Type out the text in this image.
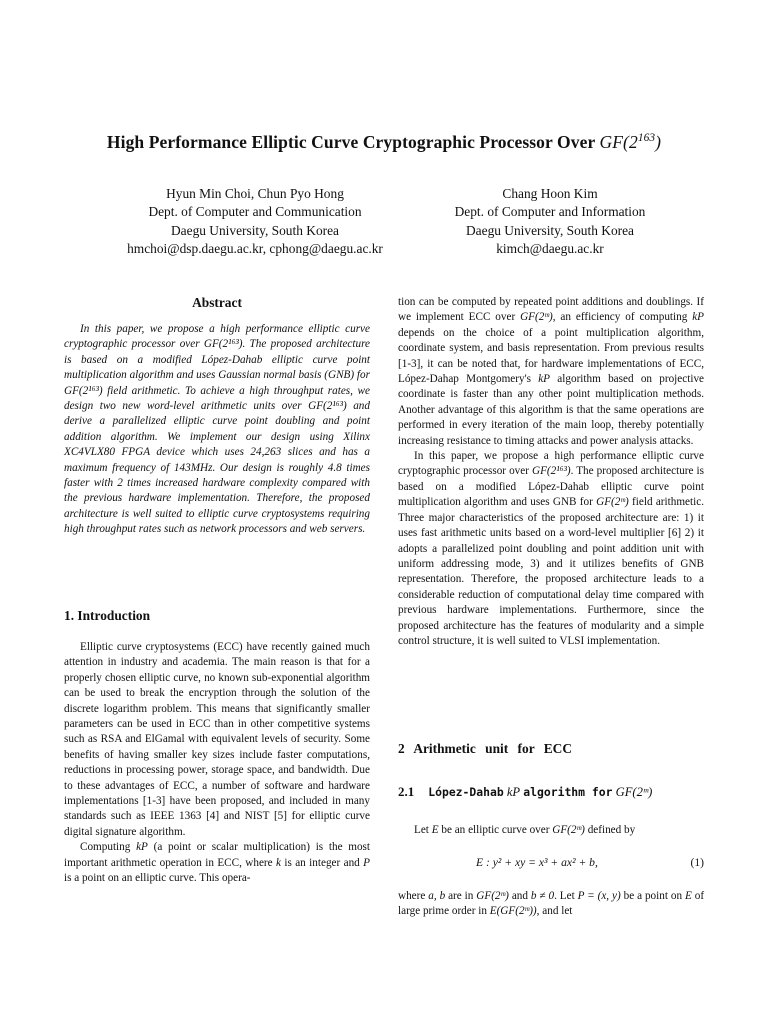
High Performance Elliptic Curve Cryptographic Processor Over $GF(2^{163})$
Hyun Min Choi, Chun Pyo Hong
Dept. of Computer and Communication
Daegu University, South Korea
hmchoi@dsp.daegu.ac.kr, cphong@daegu.ac.kr
Chang Hoon Kim
Dept. of Computer and Information
Daegu University, South Korea
kimch@daegu.ac.kr
Abstract
In this paper, we propose a high performance elliptic curve cryptographic processor over GF(2¹⁶³). The proposed architecture is based on a modified López-Dahab elliptic curve point multiplication algorithm and uses Gaussian normal basis (GNB) for GF(2¹⁶³) field arithmetic. To achieve a high throughput rates, we design two new word-level arithmetic units over GF(2¹⁶³) and derive a parallelized elliptic curve point doubling and point addition algorithm. We implement our design using Xilinx XC4VLX80 FPGA device which uses 24,263 slices and has a maximum frequency of 143MHz. Our design is roughly 4.8 times faster with 2 times increased hardware complexity compared with the previous hardware implementation. Therefore, the proposed architecture is well suited to elliptic curve cryptosystems requiring high throughput rates such as network processors and web servers.
1. Introduction

Elliptic curve cryptosystems (ECC) have recently gained much attention in industry and academia. The main reason is that for a properly chosen elliptic curve, no known sub-exponential algorithm can be used to break the encryption through the solution of the discrete logarithm problem. This means that significantly smaller parameters can be used in ECC than in other competitive systems such as RSA and ElGamal with equivalent levels of security. Some benefits of having smaller key sizes include faster computations, reductions in processing power, storage space, and bandwidth. Due to these advantages of ECC, a number of software and hardware implementations [1-3] have been proposed, and included in many standards such as IEEE 1363 [4] and NIST [5] for elliptic curve digital signature algorithm.

Computing kP (a point or scalar multiplication) is the most important arithmetic operation in ECC, where k is an integer and P is a point on an elliptic curve. This opera-

tion can be computed by repeated point additions and doublings. If we implement ECC over GF(2ᵐ), an efficiency of computing kP depends on the choice of a point multiplication algorithm, coordinate system, and basis representation. From previous results [1-3], it can be noted that, for hardware implementations of ECC, López-Dahap Montgomery's kP algorithm based on projective coordinate is faster than any other point multiplication methods. Another advantage of this algorithm is that the same operations are performed in every iteration of the main loop, thereby potentially increasing resistance to timing attacks and power analysis attacks.

In this paper, we propose a high performance elliptic curve cryptographic processor over GF(2¹⁶³). The proposed architecture is based on a modified López-Dahab elliptic curve point multiplication algorithm and uses GNB for GF(2ᵐ) field arithmetic. Three major characteristics of the proposed architecture are: 1) it uses fast arithmetic units based on a word-level multiplier [6] 2) it adopts a parallelized point doubling and point addition unit with uniform addressing mode, 3) and it utilizes benefits of GNB representation. Therefore, the proposed architecture leads to a considerable reduction of computational delay time compared with previous hardware implementations. Furthermore, since the proposed architecture has the features of modularity and a simple control structure, it is well suited to VLSI implementation.

2 Arithmetic unit for ECC
2.1 López-Dahab kP algorithm for GF(2ᵐ)
Let E be an elliptic curve over GF(2ᵐ) defined by
E : y² + xy = x³ + ax² + b,	(1)
where a, b are in GF(2ᵐ) and b ≠ 0. Let P = (x, y) be a point on E of large prime order in E(GF(2ᵐ)), and let
